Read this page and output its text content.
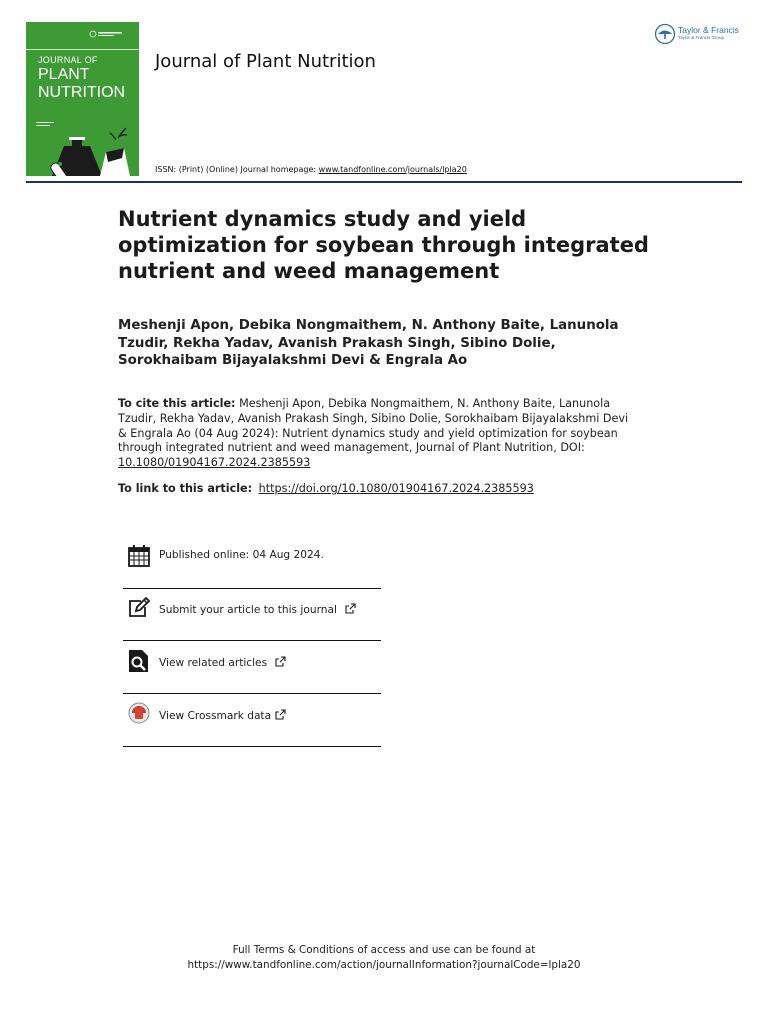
JOURNAL OF
PLANT
NUTRITION
Journal of Plant Nutrition
Taylor & Francis
Taylor & Francis Group
ISSN: (Print) (Online) Journal homepage: www.tandfonline.com/journals/lpla20
Nutrient dynamics study and yield optimization for soybean through integrated nutrient and weed management
Meshenji Apon, Debika Nongmaithem, N. Anthony Baite, Lanunola Tzudir, Rekha Yadav, Avanish Prakash Singh, Sibino Dolie, Sorokhaibam Bijayalakshmi Devi & Engrala Ao
To cite this article: Meshenji Apon, Debika Nongmaithem, N. Anthony Baite, Lanunola Tzudir, Rekha Yadav, Avanish Prakash Singh, Sibino Dolie, Sorokhaibam Bijayalakshmi Devi & Engrala Ao (04 Aug 2024): Nutrient dynamics study and yield optimization for soybean through integrated nutrient and weed management, Journal of Plant Nutrition, DOI: 10.1080/01904167.2024.2385593
To link to this article: https://doi.org/10.1080/01904167.2024.2385593
Published online: 04 Aug 2024.
Submit your article to this journal
View related articles
View Crossmark data
Full Terms & Conditions of access and use can be found at
https://www.tandfonline.com/action/journalInformation?journalCode=lpla20
